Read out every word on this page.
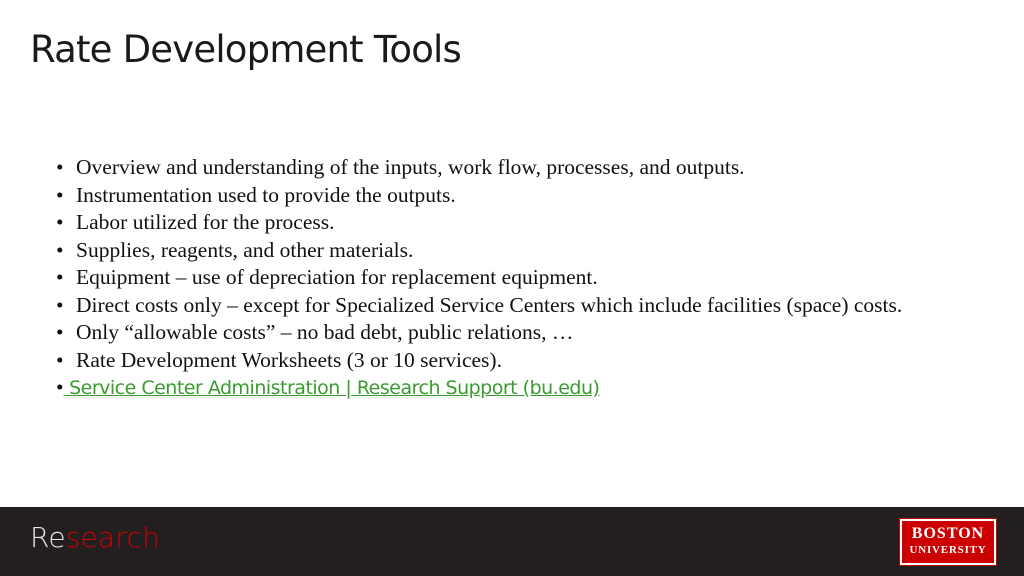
Rate Development Tools
• Overview and understanding of the inputs, work flow, processes, and outputs.
• Instrumentation used to provide the outputs.
• Labor utilized for the process.
• Supplies, reagents, and other materials.
• Equipment – use of depreciation for replacement equipment.
• Direct costs only – except for Specialized Service Centers which include facilities (space) costs.
• Only “allowable costs” – no bad debt, public relations, …
• Rate Development Worksheets (3 or 10 services).
• Service Center Administration | Research Support (bu.edu)
Research	BOSTON
UNIVERSITY
